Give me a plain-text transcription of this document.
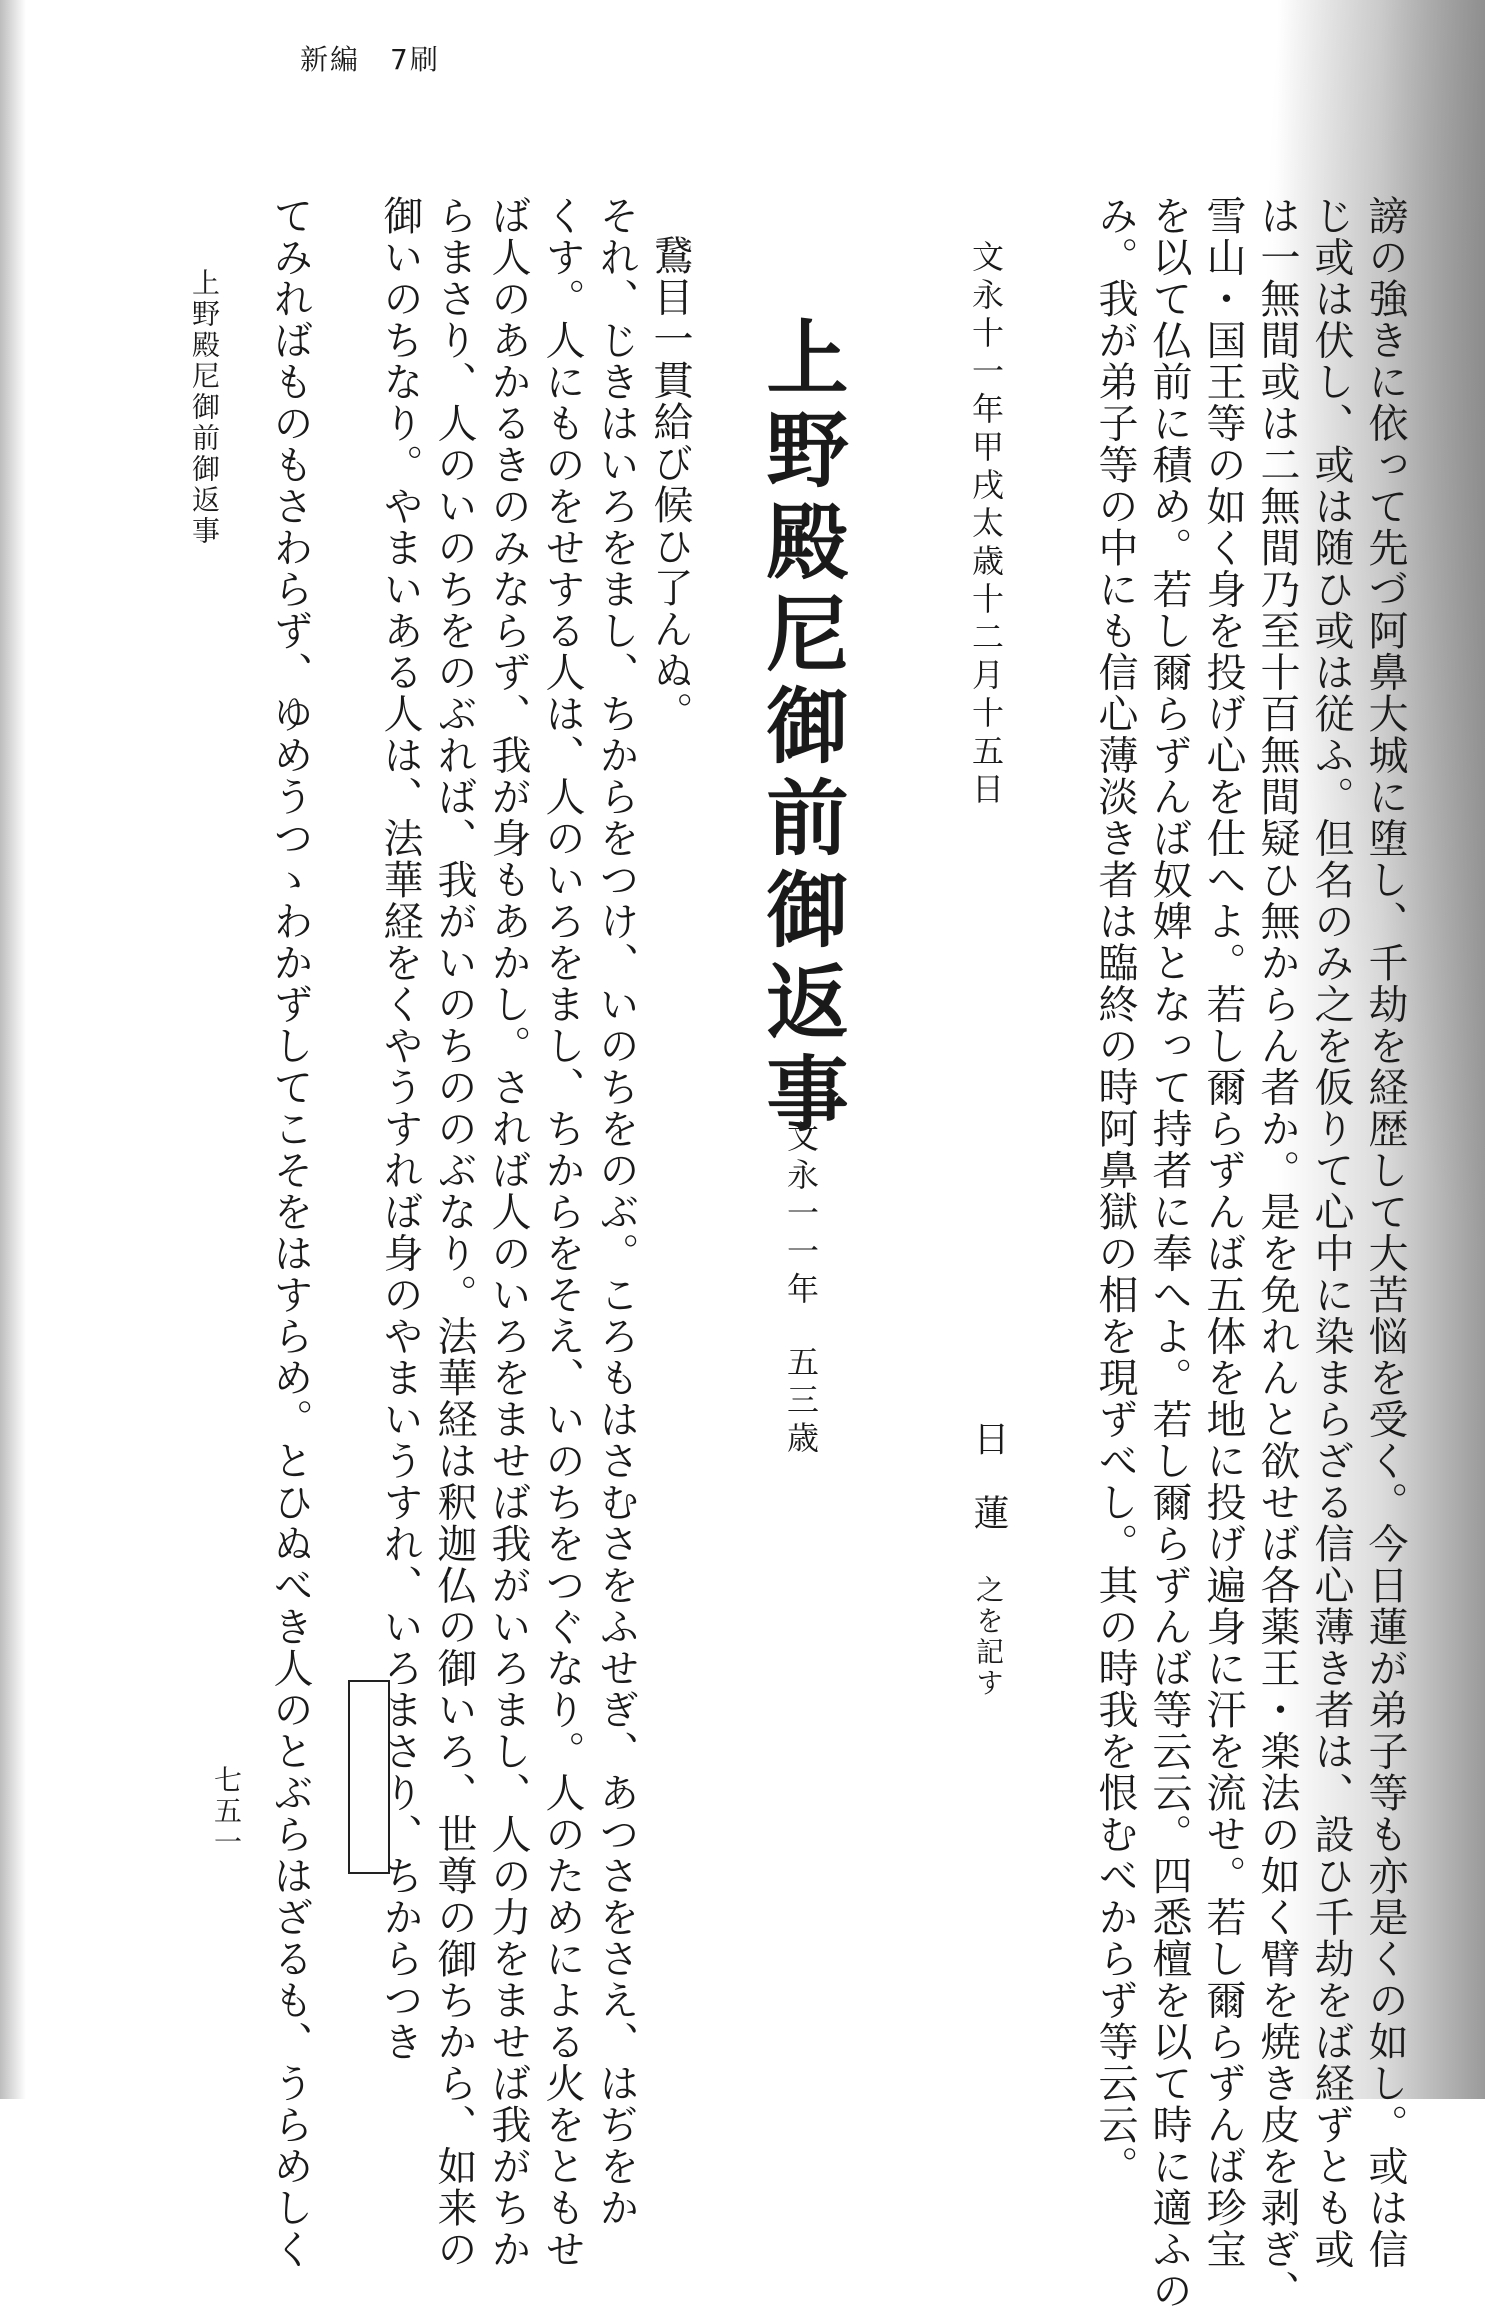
新編　7刷
謗の強きに依って先づ阿鼻大城に堕し、千劫を経歴して大苦悩を受く。今日蓮が弟子等も亦是くの如し。或は信
じ或は伏し、或は随ひ或は従ふ。但名のみ之を仮りて心中に染まらざる信心薄き者は、設ひ千劫をば経ずとも或
は一無間或は二無間乃至十百無間疑ひ無からん者か。是を免れんと欲せば各薬王・楽法の如く臂を焼き皮を剥ぎ、
雪山・国王等の如く身を投げ心を仕へよ。若し爾らずんば五体を地に投げ遍身に汗を流せ。若し爾らずんば珍宝
を以て仏前に積め。若し爾らずんば奴婢となって持者に奉へよ。若し爾らずんば等云云。四悉檀を以て時に適ふの
み。我が弟子等の中にも信心薄淡き者は臨終の時阿鼻獄の相を現ずべし。其の時我を恨むべからず等云云。
文永十一年甲戌太歳十二月十五日
日蓮
之を記す
上野殿尼御前御返事
文永一一年
五三歳
鵞目一貫給び候ひ了んぬ。
それ、じきはいろをまし、ちからをつけ、いのちをのぶ。ころもはさむさをふせぎ、あつさをさえ、はぢをか
くす。人にものをせする人は、人のいろをまし、ちからをそえ、いのちをつぐなり。人のためによる火をともせ
ば人のあかるきのみならず、我が身もあかし。されば人のいろをませば我がいろまし、人の力をませば我がちか
らまさり、人のいのちをのぶれば、我がいのちののぶなり。法華経は釈迦仏の御いろ、世尊の御ちから、如来の
御いのちなり。やまいある人は、法華経をくやうすれば身のやまいうすれ、いろまさり、ちからつき
てみればものもさわらず、ゆめうつゝわかずしてこそをはすらめ。とひぬべき人のとぶらはざるも、うらめしく
上野殿尼御前御返事
七五一
